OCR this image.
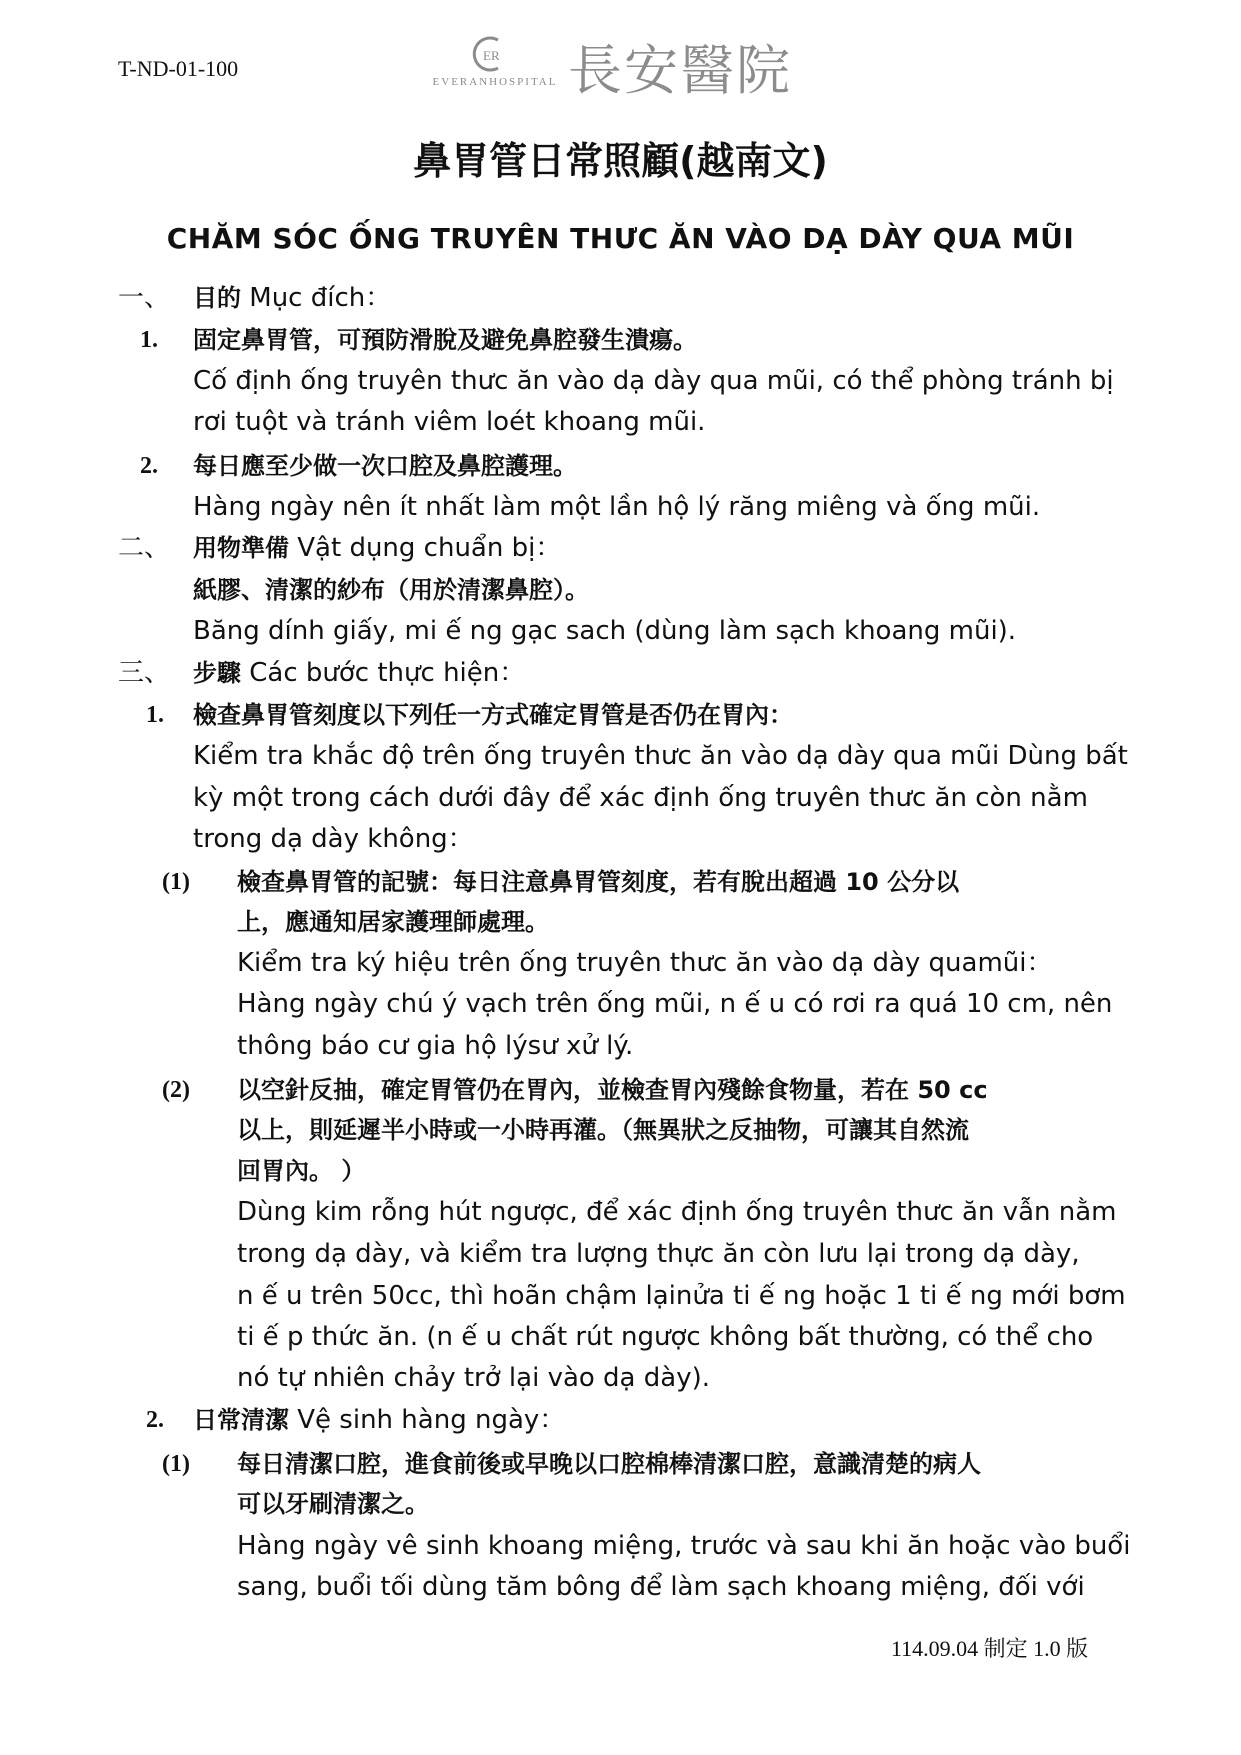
T-ND-01-100
ER
EVERANHOSPITAL 長安醫院
鼻胃管日常照顧(越南文)
CHĂM SÓC ỐNG TRUYÊN THƯC ĂN VÀO DẠ DÀY QUA MŨI
一、 目的 Mục đích：
1. 固定鼻胃管，可預防滑脫及避免鼻腔發生潰瘍。
Cố định ống truyên thưc ăn vào dạ dày qua mũi, có thể phòng tránh bị
rơi tuột và tránh viêm loét khoang mũi.
2. 每日應至少做一次口腔及鼻腔護理。
Hàng ngày nên ít nhất làm một lần hộ lý răng miêng và ống mũi.
二、 用物準備 Vật dụng chuẩn bị：
紙膠、清潔的紗布（用於清潔鼻腔）。
Băng dính giấy, mi ế ng gạc sach (dùng làm sạch khoang mũi).
三、 步驟 Các bước thực hiện：
1. 檢查鼻胃管刻度以下列任一方式確定胃管是否仍在胃內：
Kiểm tra khắc độ trên ống truyên thưc ăn vào dạ dày qua mũi Dùng bất
kỳ một trong cách dưới đây để xác định ống truyên thưc ăn còn nằm
trong dạ dày không：
(1) 檢查鼻胃管的記號：每日注意鼻胃管刻度，若有脫出超過 10 公分以
上，應通知居家護理師處理。
Kiểm tra ký hiệu trên ống truyên thưc ăn vào dạ dày quamũi：
Hàng ngày chú ý vạch trên ống mũi, n ế u có rơi ra quá 10 cm, nên
thông báo cư gia hộ lýsư xử lý.
(2) 以空針反抽，確定胃管仍在胃內，並檢查胃內殘餘食物量，若在 50 cc
以上，則延遲半小時或一小時再灌。（無異狀之反抽物，可讓其自然流
回胃內。 ）
Dùng kim rỗng hút ngược, để xác định ống truyên thưc ăn vẫn nằm
trong dạ dày, và kiểm tra lượng thực ăn còn lưu lại trong dạ dày,
n ế u trên 50cc, thì hoãn chậm lạinửa ti ế ng hoặc 1 ti ế ng mới bơm
ti ế p thức ăn. (n ế u chất rút ngược không bất thường, có thể cho
nó tự nhiên chảy trở lại vào dạ dày).
2. 日常清潔 Vệ sinh hàng ngày：
(1) 每日清潔口腔，進食前後或早晚以口腔棉棒清潔口腔，意識清楚的病人
可以牙刷清潔之。
Hàng ngày vê sinh khoang miệng, trước và sau khi ăn hoặc vào buổi
sang, buổi tối dùng tăm bông để làm sạch khoang miệng, đối với
114.09.04 制定 1.0 版
